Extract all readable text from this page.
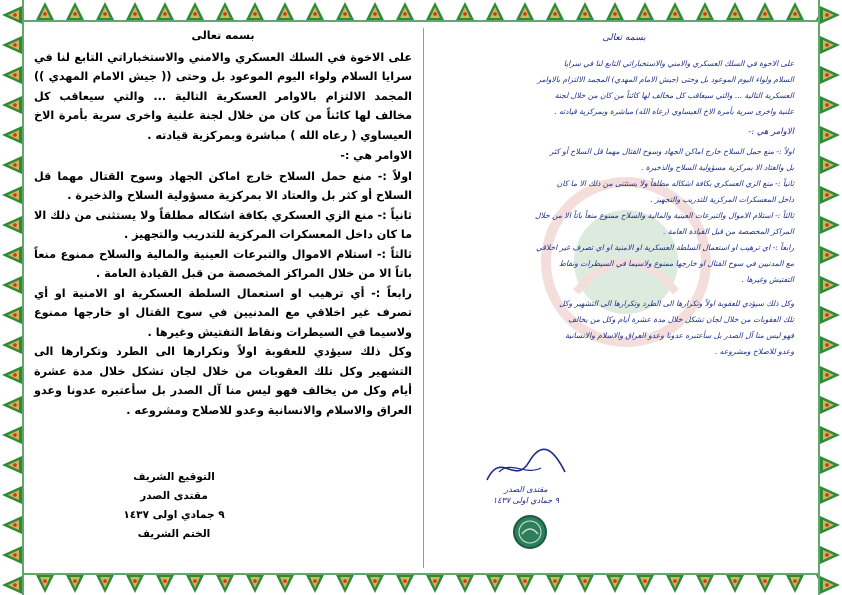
بسمه تعالى

على الاخوة في السلك العسكري والامني والاستخباراتي التابع لنا في سرايا السلام ولواء اليوم الموعود بل وحتى (( جيش الامام المهدي )) المجمد الالتزام بالاوامر العسكرية التالية ... والتي سيعاقب كل مخالف لها كائناً من كان من خلال لجنة علنية واخرى سرية بأمرة الاخ العيساوي ( رعاه الله ) مباشرة وبمركزية قيادته .

الاوامر هي :-

اولاً :- منع حمل السلاح خارج اماكن الجهاد وسوح القتال مهما قل السلاح أو كثر بل والعتاد الا بمركزية مسؤولية السلاح والذخيرة .

ثانياً :- منع الزي العسكري بكافة اشكاله مطلقاً ولا يستثنى من ذلك الا ما كان داخل المعسكرات المركزية للتدريب والتجهيز .

ثالثاً :- استلام الاموال والتبرعات العينية والمالية والسلاح ممنوع منعاً باتاً الا من خلال المراكز المخصصة من قبل القيادة العامة .

رابعاً :- أي ترهيب او استعمال السلطة العسكرية او الامنية او أي تصرف غير اخلاقي مع المدنيين في سوح القتال او خارجها ممنوع ولاسيما في السيطرات ونقاط التفتيش وغيرها .

وكل ذلك سيؤدي للعقوبة اولاً وتكرارها الى الطرد وتكرارها الى التشهير وكل تلك العقوبات من خلال لجان تشكل خلال مدة عشرة أيام وكل من يخالف فهو ليس منا آل الصدر بل سأعتبره عدونا وعدو العراق والاسلام والانسانية وعدو للاصلاح ومشروعه .

التوقيع الشريف
مقتدى الصدر
٩ جمادي اولى ١٤٣٧
الختم الشريف
بسمه تعالى

على الاخوة في السلك العسكري والامني والاستخباراتي التابع لنا في سرايا

السلام ولواء اليوم الموعود بل وحتى (جيش الامام المهدي) المجمد الالتزام بالاوامر

العسكرية التالية ... والتي سيعاقب كل مخالف لها كائناً من كان من خلال لجنة

علنية واخرى سرية بأمرة الاخ العيساوي (رعاه الله) مباشرة وبمركزية قيادته .

الاوامر هي :-

اولاً :- منع حمل السلاح خارج اماكن الجهاد وسوح القتال مهما قل السلاح أو كثر

بل والعتاد الا بمركزية مسؤولية السلاح والذخيرة .

ثانياً :- منع الزي العسكري بكافة اشكاله مطلقاً ولا يستثنى من ذلك الا ما كان

داخل المعسكرات المركزية للتدريب والتجهيز .

ثالثاً :- استلام الاموال والتبرعات العينية والمالية والسلاح ممنوع منعاً باتاً الا من خلال

المراكز المخصصة من قبل القيادة العامة .

رابعاً :- اي ترهيب او استعمال السلطة العسكرية او الامنية او اي تصرف غير اخلاقي

مع المدنيين في سوح القتال او خارجها ممنوع ولاسيما في السيطرات ونقاط

التفتيش وغيرها .

وكل ذلك سيؤدي للعقوبة اولاً وتكرارها الى الطرد وتكرارها الى التشهير وكل

تلك العقوبات من خلال لجان تشكل خلال مدة عشرة أيام وكل من يخالف

فهو ليس منا آل الصدر بل سأعتبره عدونا وعدو العراق والاسلام والانسانية

وعدو للاصلاح ومشروعه .

مقتدى الصدر
٩ جمادي اولى ١٤٣٧
